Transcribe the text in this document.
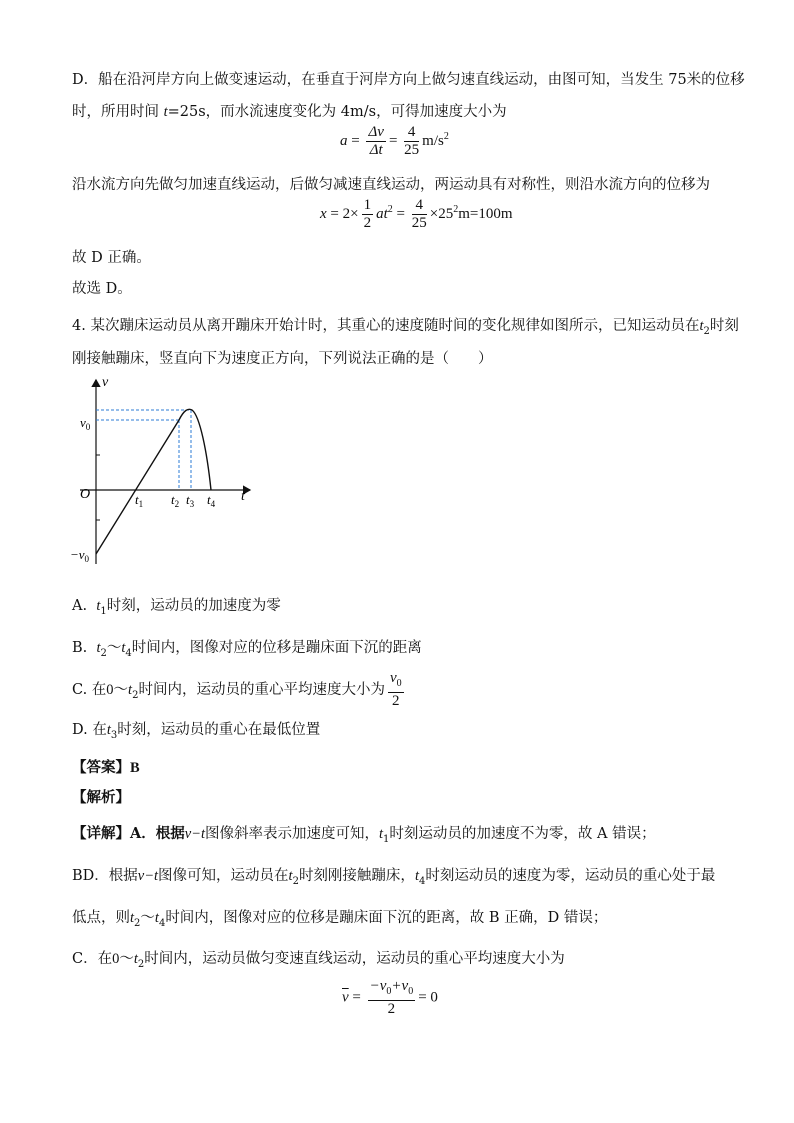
D．船在沿河岸方向上做变速运动，在垂直于河岸方向上做匀速直线运动，由图可知，当发生 75米的位移
时，所用时间 t=25s，而水流速度变化为 4m/s，可得加速度大小为
$a = \frac{\Delta v}{\Delta t} = \frac{4}{25} m/s^2$
沿水流方向先做匀加速直线运动，后做匀减速直线运动，两运动具有对称性，则沿水流方向的位移为
$x = 2\times \frac{1}{2} at^2 = \frac{4}{25} \times 25^2m=100m$
故 D 正确。
故选 D。
4. 某次蹦床运动员从离开蹦床开始计时，其重心的速度随时间的变化规律如图所示，已知运动员在$t_2$时刻
刚接触蹦床，竖直向下为速度正方向，下列说法正确的是（　　）
v
t
O
$v_0$
$-v_0$
$t_1$ $t_2$ $t_3$ $t_4$
A. $t_1$时刻，运动员的加速度为零
B. $t_2\sim t_4$时间内，图像对应的位移是蹦床面下沉的距离
C. 在$0\sim t_2$时间内，运动员的重心平均速度大小为 $\frac{v_0}{2}$
D. 在$t_3$时刻，运动员的重心在最低位置
【答案】B
【解析】
【详解】A．根据v−t图像斜率表示加速度可知，$t_1$时刻运动员的加速度不为零，故 A 错误；
BD．根据v−t图像可知，运动员在$t_2$时刻刚接触蹦床，$t_4$时刻运动员的速度为零，运动员的重心处于最
低点，则$t_2\sim t_4$时间内，图像对应的位移是蹦床面下沉的距离，故 B 正确，D 错误；
C．在$0\sim t_2$时间内，运动员做匀变速直线运动，运动员的重心平均速度大小为
$\overline{v} = \frac{-v_0+v_0}{2} = 0$
